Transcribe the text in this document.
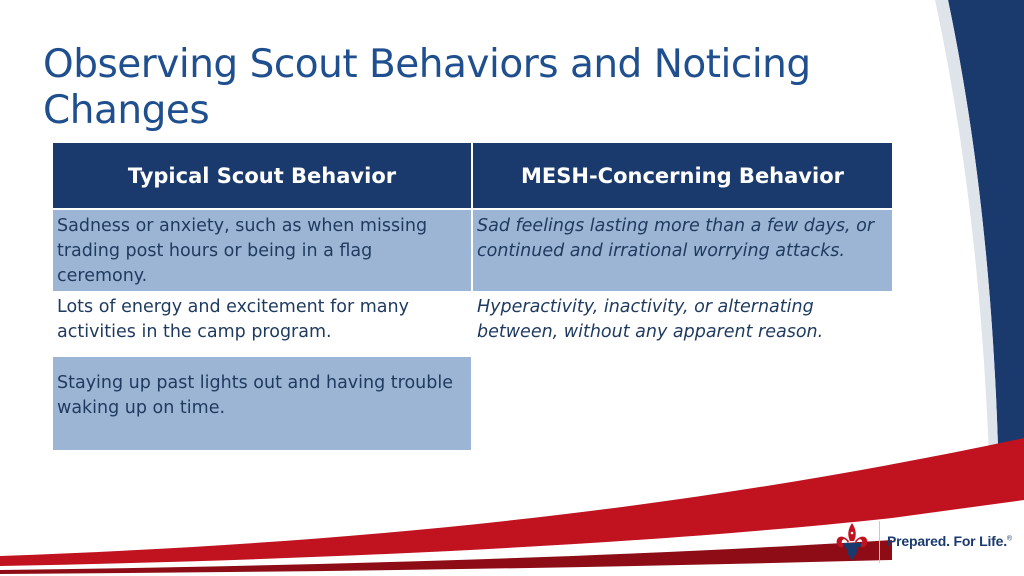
Observing Scout Behaviors and Noticing Changes
Typical Scout Behavior	MESH-Concerning Behavior
Sadness or anxiety, such as when missing trading post hours or being in a flag ceremony.	Sad feelings lasting more than a few days, or continued and irrational worrying attacks.
Lots of energy and excitement for many activities in the camp program.	Hyperactivity, inactivity, or alternating between, without any apparent reason.
Staying up past lights out and having trouble waking up on time.	
Prepared. For Life.®
